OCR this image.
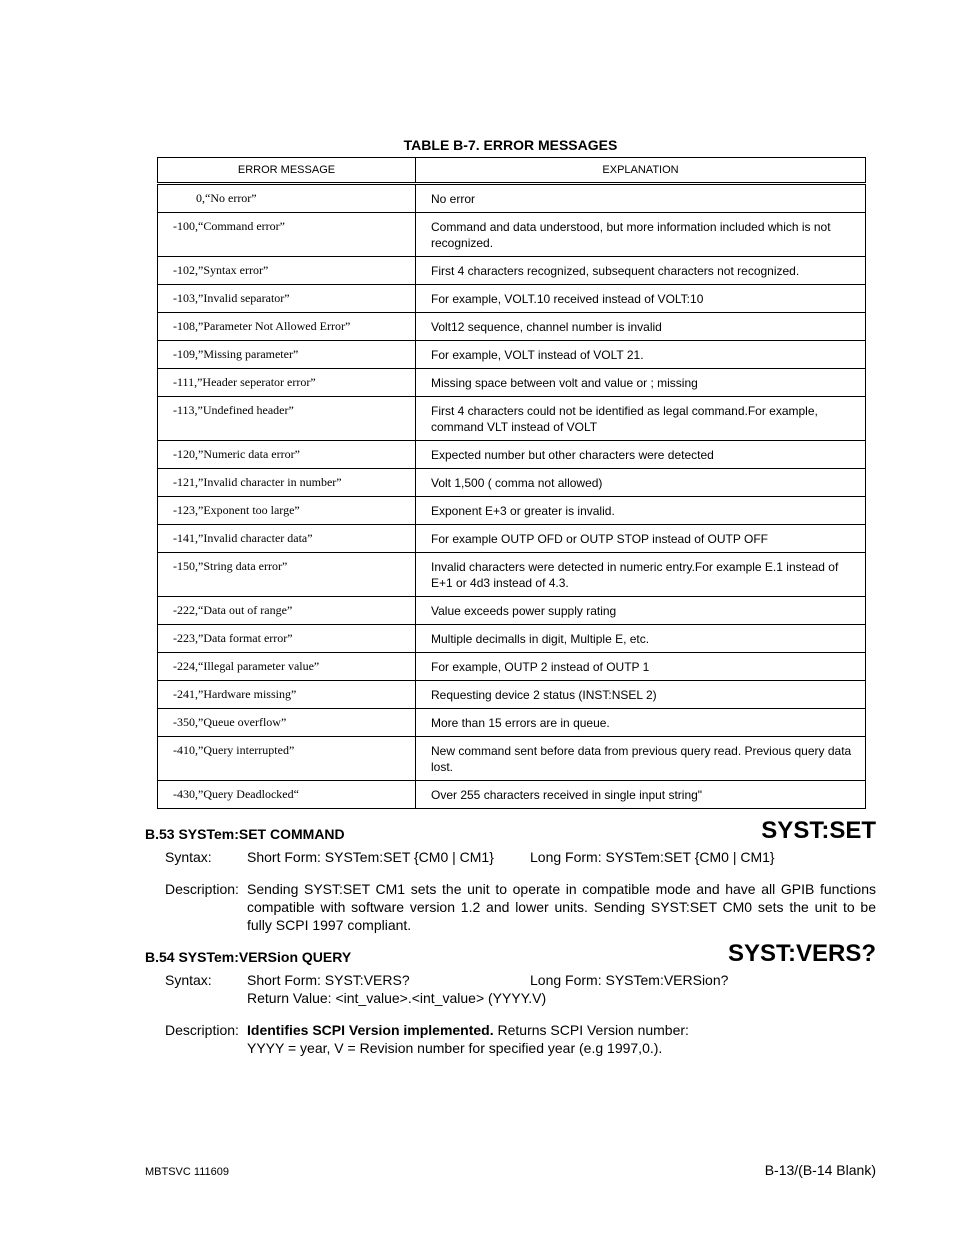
TABLE B-7. ERROR MESSAGES
ERROR MESSAGE	EXPLANATION
0,“No error”	No error
-100,“Command error”	Command and data understood, but more information included which is not recognized.
-102,”Syntax error”	First 4 characters recognized, subsequent characters not recognized.
-103,”Invalid separator”	For example, VOLT.10 received instead of VOLT:10
-108,”Parameter Not Allowed Error”	Volt12 sequence, channel number is invalid
-109,”Missing parameter”	For example, VOLT instead of VOLT 21.
-111,”Header seperator error”	Missing space between volt and value or ; missing
-113,”Undefined header”	First 4 characters could not be identified as legal command.For example, command VLT instead of VOLT
-120,”Numeric data error”	Expected number but other characters were detected
-121,”Invalid character in number”	Volt 1,500 ( comma not allowed)
-123,”Exponent too large”	Exponent E+3 or greater is invalid.
-141,”Invalid character data”	For example OUTP OFD or OUTP STOP instead of OUTP OFF
-150,”String data error”	Invalid characters were detected in numeric entry.For example E.1 instead of E+1 or 4d3 instead of 4.3.
-222,“Data out of range”	Value exceeds power supply rating
-223,”Data format error”	Multiple decimalls in digit, Multiple E, etc.
-224,“Illegal parameter value”	For example, OUTP 2 instead of OUTP 1
-241,”Hardware missing”	Requesting device 2 status (INST:NSEL 2)
-350,”Queue overflow”	More than 15 errors are in queue.
-410,”Query interrupted”	New command sent before data from previous query read. Previous query data lost.
-430,”Query Deadlocked“	Over 255 characters received in single input string"
B.53 SYSTem:SET COMMAND	SYST:SET
Syntax:	Short Form: SYSTem:SET {CM0 | CM1}	Long Form: SYSTem:SET {CM0 | CM1}
Description: Sending SYST:SET CM1 sets the unit to operate in compatible mode and have all GPIB functions compatible with software version 1.2 and lower units. Sending SYST:SET CM0 sets the unit to be fully SCPI 1997 compliant.
B.54 SYSTem:VERSion QUERY	SYST:VERS?
Syntax:	Short Form: SYST:VERS?	Long Form: SYSTem:VERSion?
Return Value: <int_value>.<int_value> (YYYY.V)
Description: Identifies SCPI Version implemented. Returns SCPI Version number:
YYYY = year, V = Revision number for specified year (e.g 1997,0.).
MBTSVC 111609	B-13/(B-14 Blank)
